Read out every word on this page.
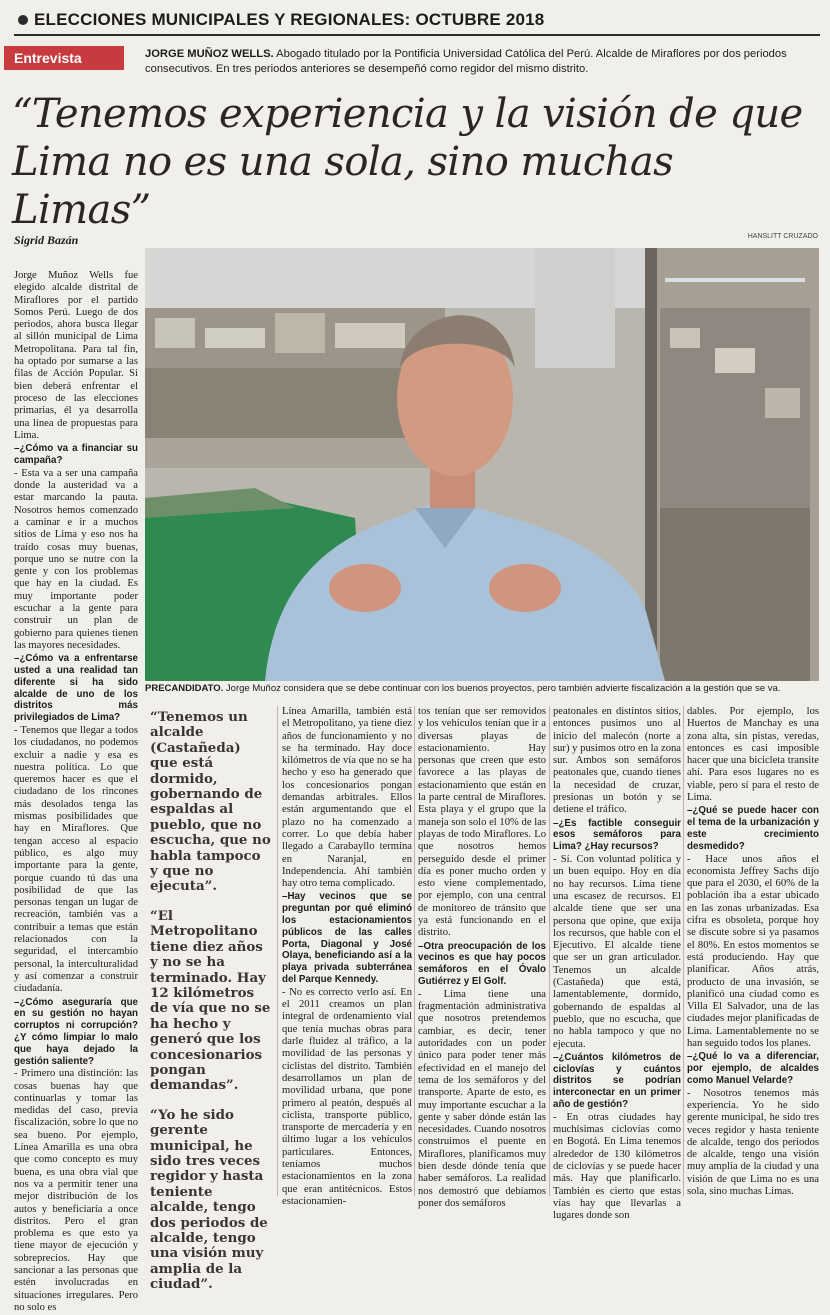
ELECCIONES MUNICIPALES Y REGIONALES: OCTUBRE 2018
Entrevista	JORGE MUÑOZ WELLS. Abogado titulado por la Pontificia Universidad Católica del Perú. Alcalde de Miraflores por dos periodos consecutivos. En tres periodos anteriores se desempeñó como regidor del mismo distrito.
“Tenemos experiencia y la visión de que Lima no es una sola, sino muchas Limas”
Sigrid Bazán	HANSLITT CRUZADO
PRECANDIDATO. Jorge Muñoz considera que se debe continuar con los buenos proyectos, pero también advierte fiscalización a la gestión que se va.

Jorge Muñoz Wells fue elegido alcalde distrital de Miraflores por el partido Somos Perú. Luego de dos periodos, ahora busca llegar al sillón municipal de Lima Metropolitana. Para tal fin, ha optado por sumarse a las filas de Acción Popular. Si bien deberá enfrentar el proceso de las elecciones primarias, él ya desarrolla una línea de propuestas para Lima.

–¿Cómo va a financiar su campaña?

- Esta va a ser una campaña donde la austeridad va a estar marcando la pauta. Nosotros hemos comenzado a caminar e ir a muchos sitios de Lima y eso nos ha traído cosas muy buenas, porque uno se nutre con la gente y con los problemas que hay en la ciudad. Es muy importante poder escuchar a la gente para construir un plan de gobierno para quienes tienen las mayores necesidades.

–¿Cómo va a enfrentarse usted a una realidad tan diferente si ha sido alcalde de uno de los distritos más privilegiados de Lima?

- Tenemos que llegar a todos los ciudadanos, no podemos excluir a nadie y esa es nuestra política. Lo que queremos hacer es que el ciudadano de los rincones más desolados tenga las mismas posibilidades que hay en Miraflores. Que tengan acceso al espacio público, es algo muy importante para la gente, porque cuando tú das una posibilidad de que las personas tengan un lugar de recreación, también vas a contribuir a temas que están relacionados con la seguridad, el intercambio personal, la interculturalidad y así comenzar a construir ciudadanía.

–¿Cómo aseguraría que en su gestión no hayan corruptos ni corrupción? ¿Y cómo limpiar lo malo que haya dejado la gestión saliente?

- Primero una distinción: las cosas buenas hay que continuarlas y tomar las medidas del caso, previa fiscalización, sobre lo que no sea bueno. Por ejemplo, Línea Amarilla es una obra que como concepto es muy buena, es una obra vial que nos va a permitir tener una mejor distribución de los autos y beneficiaría a once distritos. Pero el gran problema es que esto ya tiene mayor de ejecución y sobreprecios. Hay que sancionar a las personas que estén involucradas en situaciones irregulares. Pero no solo es

“Tenemos un alcalde (Castañeda) que está dormido, gobernando de espaldas al pueblo, que no escucha, que no habla tampoco y que no ejecuta”.
“El Metropolitano tiene diez años y no se ha terminado. Hay 12 kilómetros de vía que no se ha hecho y generó que los concesionarios pongan demandas”.
“Yo he sido gerente municipal, he sido tres veces regidor y hasta teniente alcalde, tengo dos periodos de alcalde, tengo una visión muy amplia de la ciudad”.

Línea Amarilla, también está el Metropolitano, ya tiene diez años de funcionamiento y no se ha terminado. Hay doce kilómetros de vía que no se ha hecho y eso ha generado que los concesionarios pongan demandas arbitrales. Ellos están argumentando que el plazo no ha comenzado a correr. Lo que debía haber llegado a Carabayllo termina en Naranjal, en Independencia. Ahí también hay otro tema complicado.

–Hay vecinos que se preguntan por qué eliminó los estacionamientos públicos de las calles Porta, Diagonal y José Olaya, beneficiando así a la playa privada subterránea del Parque Kennedy.

- No es correcto verlo así. En el 2011 creamos un plan integral de ordenamiento vial que tenía muchas obras para darle fluidez al tráfico, a la movilidad de las personas y ciclistas del distrito. También desarrollamos un plan de movilidad urbana, que pone primero al peatón, después al ciclista, transporte público, transporte de mercadería y en último lugar a los vehículos particulares. Entonces, teníamos muchos estacionamientos en la zona que eran antitécnicos. Estos estacionamien-

tos tenían que ser removidos y los vehículos tenían que ir a diversas playas de estacionamiento. Hay personas que creen que esto favorece a las playas de estacionamiento que están en la parte central de Miraflores. Esta playa y el grupo que la maneja son solo el 10% de las playas de todo Miraflores. Lo que nosotros hemos perseguido desde el primer día es poner mucho orden y esto viene complementado, por ejemplo, con una central de monitoreo de tránsito que ya está funcionando en el distrito.

–Otra preocupación de los vecinos es que hay pocos semáforos en el Óvalo Gutiérrez y El Golf.

- Lima tiene una fragmentación administrativa que nosotros pretendemos cambiar, es decir, tener autoridades con un poder único para poder tener más efectividad en el manejo del tema de los semáforos y del transporte. Aparte de esto, es muy importante escuchar a la gente y saber dónde están las necesidades. Cuando nosotros construimos el puente en Miraflores, planificamos muy bien desde dónde tenía que haber semáforos. La realidad nos demostró que debíamos poner dos semáforos

peatonales en distintos sitios, entonces pusimos uno al inicio del malecón (norte a sur) y pusimos otro en la zona sur. Ambos son semáforos peatonales que, cuando tienes la necesidad de cruzar, presionas un botón y se detiene el tráfico.

–¿Es factible conseguir esos semáforos para Lima? ¿Hay recursos?

- Sí. Con voluntad política y un buen equipo. Hoy en día no hay recursos. Lima tiene una escasez de recursos. El alcalde tiene que ser una persona que opine, que exija los recursos, que hable con el Ejecutivo. El alcalde tiene que ser un gran articulador. Tenemos un alcalde (Castañeda) que está, lamentablemente, dormido, gobernando de espaldas al pueblo, que no escucha, que no habla tampoco y que no ejecuta.

–¿Cuántos kilómetros de ciclovías y cuántos distritos se podrían interconectar en un primer año de gestión?

- En otras ciudades hay muchísimas ciclovías como en Bogotá. En Lima tenemos alrededor de 130 kilómetros de ciclovías y se puede hacer más. Hay que planificarlo. También es cierto que estas vías hay que llevarlas a lugares donde son

dables. Por ejemplo, los Huertos de Manchay es una zona alta, sin pistas, veredas, entonces es casi imposible hacer que una bicicleta transite ahí. Para esos lugares no es viable, pero sí para el resto de Lima.

–¿Qué se puede hacer con el tema de la urbanización y este crecimiento desmedido?

- Hace unos años el economista Jeffrey Sachs dijo que para el 2030, el 60% de la población iba a estar ubicado en las zonas urbanizadas. Esa cifra es obsoleta, porque hoy se discute sobre si ya pasamos el 80%. En estos momentos se está produciendo. Hay que planificar. Años atrás, producto de una invasión, se planificó una ciudad como es Villa El Salvador, una de las ciudades mejor planificadas de Lima. Lamentablemente no se han seguido todos los planes.

–¿Qué lo va a diferenciar, por ejemplo, de alcaldes como Manuel Velarde?

- Nosotros tenemos más experiencia. Yo he sido gerente municipal, he sido tres veces regidor y hasta teniente de alcalde, tengo dos periodos de alcalde, tengo una visión muy amplia de la ciudad y una visión de que Lima no es una sola, sino muchas Limas.
